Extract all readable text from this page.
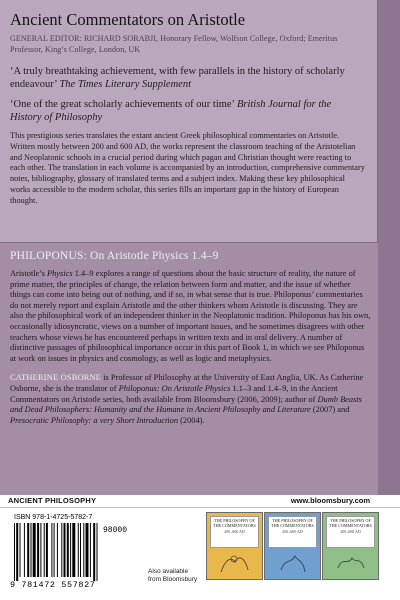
Ancient Commentators on Aristotle
GENERAL EDITOR: RICHARD SORABJI, Honorary Fellow, Wolfson College, Oxford; Emeritus Professor, King’s College, London, UK
‘A truly breathtaking achievement, with few parallels in the history of scholarly endeavour’ The Times Literary Supplement
‘One of the great scholarly achievements of our time’ British Journal for the History of Philosophy
This prestigious series translates the extant ancient Greek philosophical commentaries on Aristotle. Written mostly between 200 and 600 AD, the works represent the classroom teaching of the Aristotelian and Neoplatonic schools in a crucial period during which pagan and Christian thought were reacting to each other. The translation in each volume is accompanied by an introduction, comprehensive commentary notes, bibliography, glossary of translated terms and a subject index. Making these key philosophical works accessible to the modern scholar, this series fills an important gap in the history of European thought.
PHILOPONUS: On Aristotle Physics 1.4–9

Aristotle’s Physics 1.4–9 explores a range of questions about the basic structure of reality, the nature of prime matter, the principles of change, the relation between form and matter, and the issue of whether things can come into being out of nothing, and if so, in what sense that is true. Philoponus’ commentaries do not merely report and explain Aristotle and the other thinkers whom Aristotle is discussing. They are also the philosophical work of an independent thinker in the Neoplatonic tradition. Philoponus has his own, occasionally idiosyncratic, views on a number of important issues, and he sometimes disagrees with other teachers whose views he has encountered perhaps in written texts and in oral delivery. A number of distinctive passages of philosophical importance occur in this part of Book 1, in which we see Philoponus at work on issues in physics and cosmology, as well as logic and metaphysics.

CATHERINE OSBORNE is Professor of Philosophy at the University of East Anglia, UK. As Catherine Osborne, she is the translator of Philoponus: On Aristotle Physics 1.1–3 and 1.4–9, in the Ancient Commentators on Aristotle series, both available from Bloomsbury (2006, 2009); author of Dumb Beasts and Dead Philosophers: Humanity and the Humane in Ancient Philosophy and Literature (2007) and Presocratic Philosophy: a very Short Introduction (2004).

ANCIENT PHILOSOPHY	www.bloomsbury.com
ISBN 978-1-4725-5782-7
98000
9 781472 557827
THE PHILOSOPHY OF THE COMMENTATORS
200–600 AD
THE PHILOSOPHY OF THE COMMENTATORS
200–600 AD
THE PHILOSOPHY OF THE COMMENTATORS
200–600 AD
Also available from Bloomsbury
